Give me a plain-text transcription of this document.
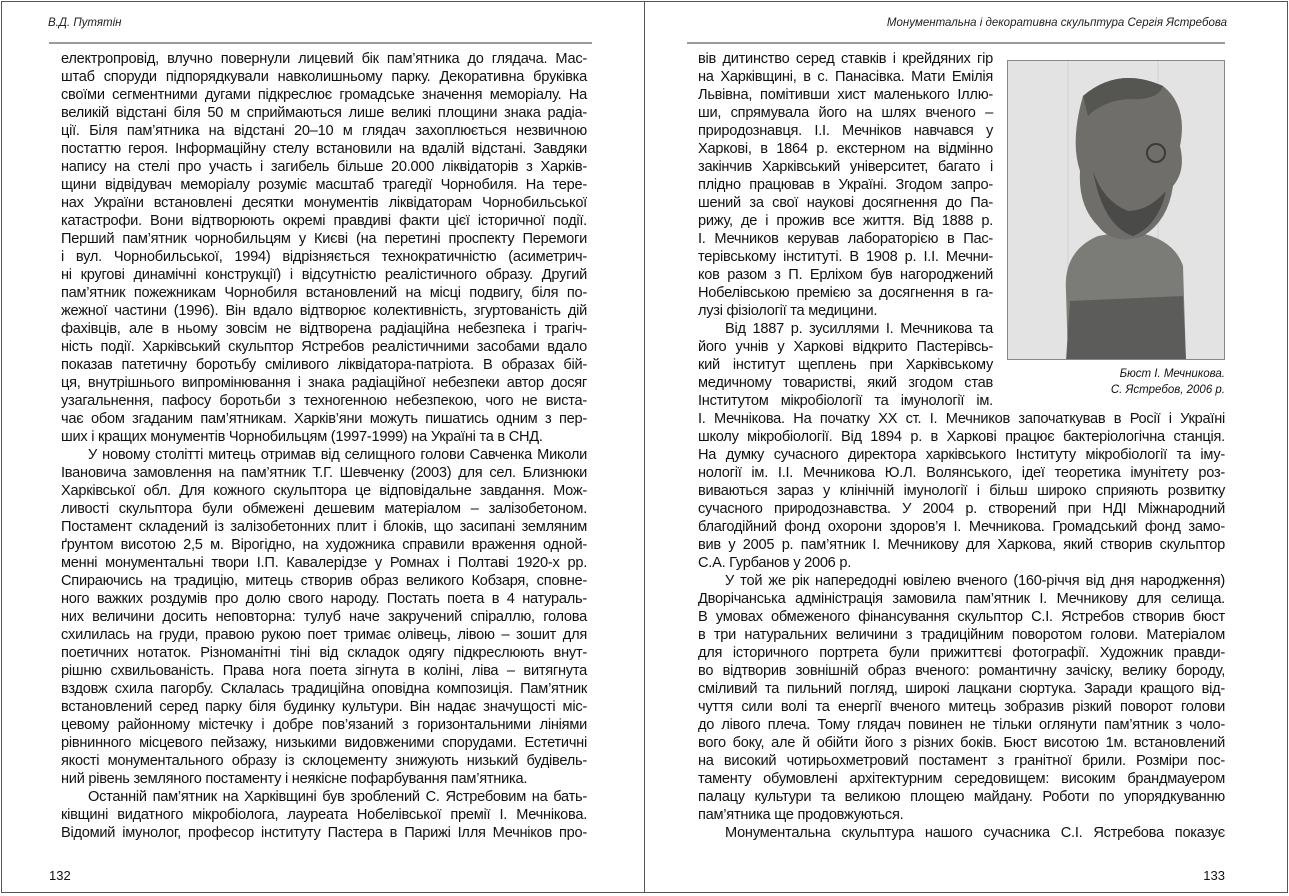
В.Д. Путятін
електропровід, влучно повернули лицевий бік пам’ятника до глядача. Мас-
штаб споруди підпорядкували навколишньому парку. Декоративна бруківка
своїми сегментними дугами підкреслює громадське значення меморіалу. На
великій відстані біля 50 м сприймаються лише великі площини знака радіа-
ції. Біля пам’ятника на відстані 20–10 м глядач захоплюється незвичною
постаттю героя. Інформаційну стелу встановили на вдалій відстані. Завдяки
напису на стелі про участь і загибель більше 20.000 ліквідаторів з Харків-
щини відвідувач меморіалу розуміє масштаб трагедії Чорнобиля. На тере-
нах України встановлені десятки монументів ліквідаторам Чорнобильської
катастрофи. Вони відтворюють окремі правдиві факти цієї історичної події.
Перший пам’ятник чорнобильцям у Києві (на перетині проспекту Перемоги
і вул. Чорнобильської, 1994) відрізняється технократичністю (асиметрич-
ні кругові динамічні конструкції) і відсутністю реалістичного образу. Другий
пам’ятник пожежникам Чорнобиля встановлений на місці подвигу, біля по-
жежної частини (1996). Він вдало відтворює колективність, згуртованість дій
фахівців, але в ньому зовсім не відтворена радіаційна небезпека і трагіч-
ність події. Харківський скульптор Ястребов реалістичними засобами вдало
показав патетичну боротьбу сміливого ліквідатора-патріота. В образах бій-
ця, внутрішнього випромінювання і знака радіаційної небезпеки автор досяг
узагальнення, пафосу боротьби з техногенною небезпекою, чого не виста-
чає обом згаданим пам’ятникам. Харків’яни можуть пишатись одним з пер-
ших і кращих монументів Чорнобильцям (1997-1999) на Україні та в СНД.
У новому столітті митець отримав від селищного голови Савченка Миколи
Івановича замовлення на пам’ятник Т.Г. Шевченку (2003) для сел. Близнюки
Харківської обл. Для кожного скульптора це відповідальне завдання. Мож-
ливості скульптора були обмежені дешевим матеріалом – залізобетоном.
Постамент складений із залізобетонних плит і блоків, що засипані земляним
ґрунтом висотою 2,5 м. Вірогідно, на художника справили враження одной-
менні монументальні твори І.П. Кавалерідзе у Ромнах і Полтаві 1920-х рр.
Спираючись на традицію, митець створив образ великого Кобзаря, сповне-
ного важких роздумів про долю свого народу. Постать поета в 4 натураль-
них величини досить неповторна: тулуб наче закручений спіраллю, голова
схилилась на груди, правою рукою поет тримає олівець, лівою – зошит для
поетичних нотаток. Різноманітні тіні від складок одягу підкреслюють внут-
рішню схвильованість. Права нога поета зігнута в коліні, ліва – витягнута
вздовж схила пагорбу. Склалась традиційна оповідна композиція. Пам’ятник
встановлений серед парку біля будинку культури. Він надає значущості міс-
цевому районному містечку і добре пов’язаний з горизонтальними лініями
рівнинного місцевого пейзажу, низькими видовженими спорудами. Естетичні
якості монументального образу із склоцементу знижують низький будівель-
ний рівень земляного постаменту і неякісне пофарбування пам’ятника.
Останній пам’ятник на Харківщині був зроблений С. Ястребовим на бать-
ківщині видатного мікробіолога, лауреата Нобелівської премії І. Мечнікова.
Відомий імунолог, професор інституту Пастера в Парижі Ілля Мечніков про-
132
Монументальна і декоративна скульптура Сергія Ястребова
вів дитинство серед ставків і крейдяних гір
на Харківщині, в с. Панасівка. Мати Емілія
Львівна, помітивши хист маленького Іллю-
ши, спрямувала його на шлях вченого –
природознавця. І.І. Мечніков навчався у
Харкові, в 1864 р. екстерном на відмінно
закінчив Харківський університет, багато і
плідно працював в Україні. Згодом запро-
шений за свої наукові досягнення до Па-
рижу, де і прожив все життя. Від 1888 р.
І. Мечников керував лабораторією в Пас-
терівському інституті. В 1908 р. І.І. Мечни-
ков разом з П. Ерліхом був нагороджений
Нобелівською премією за досягнення в га-
лузі фізіології та медицини.
Від 1887 р. зусиллями І. Мечникова та
його учнів у Харкові відкрито Пастерівсь-
кий інститут щеплень при Харківському
медичному товаристві, який згодом став
Інститутом мікробіології та імунології ім.
І. Мечнікова. На початку XX ст. І. Мечников започаткував в Росії і Україні
школу мікробіології. Від 1894 р. в Харкові працює бактеріологічна станція.
На думку сучасного директора харківського Інституту мікробіології та іму-
нології ім. І.І. Мечникова Ю.Л. Волянського, ідеї теоретика імунітету роз-
виваються зараз у клінічній імунології і більш широко сприяють розвитку
сучасного природознавства. У 2004 р. створений при НДІ Міжнародний
благодійний фонд охорони здоров’я І. Мечникова. Громадський фонд замо-
вив у 2005 р. пам’ятник І. Мечникову для Харкова, який створив скульптор
С.А. Гурбанов у 2006 р.
У той же рік напередодні ювілею вченого (160-річчя від дня народження)
Дворічанська адміністрація замовила пам’ятник І. Мечникову для селища.
В умовах обмеженого фінансування скульптор С.І. Ястребов створив бюст
в три натуральних величини з традиційним поворотом голови. Матеріалом
для історичного портрета були прижиттєві фотографії. Художник правди-
во відтворив зовнішній образ вченого: романтичну зачіску, велику бороду,
сміливий та пильний погляд, широкі лацкани сюртука. Заради кращого від-
чуття сили волі та енергії вченого митець зобразив різкий поворот голови
до лівого плеча. Тому глядач повинен не тільки оглянути пам’ятник з чоло-
вого боку, але й обійти його з різних боків. Бюст висотою 1м. встановлений
на високий чотирьохметровий постамент з гранітної брили. Розміри пос-
таменту обумовлені архітектурним середовищем: високим брандмауером
палацу культури та великою площею майдану. Роботи по упорядкуванню
пам’ятника ще продовжуються.
Монументальна скульптура нашого сучасника С.І. Ястребова показує
Бюст І. Мечникова.
С. Ястребов, 2006 р.
133
